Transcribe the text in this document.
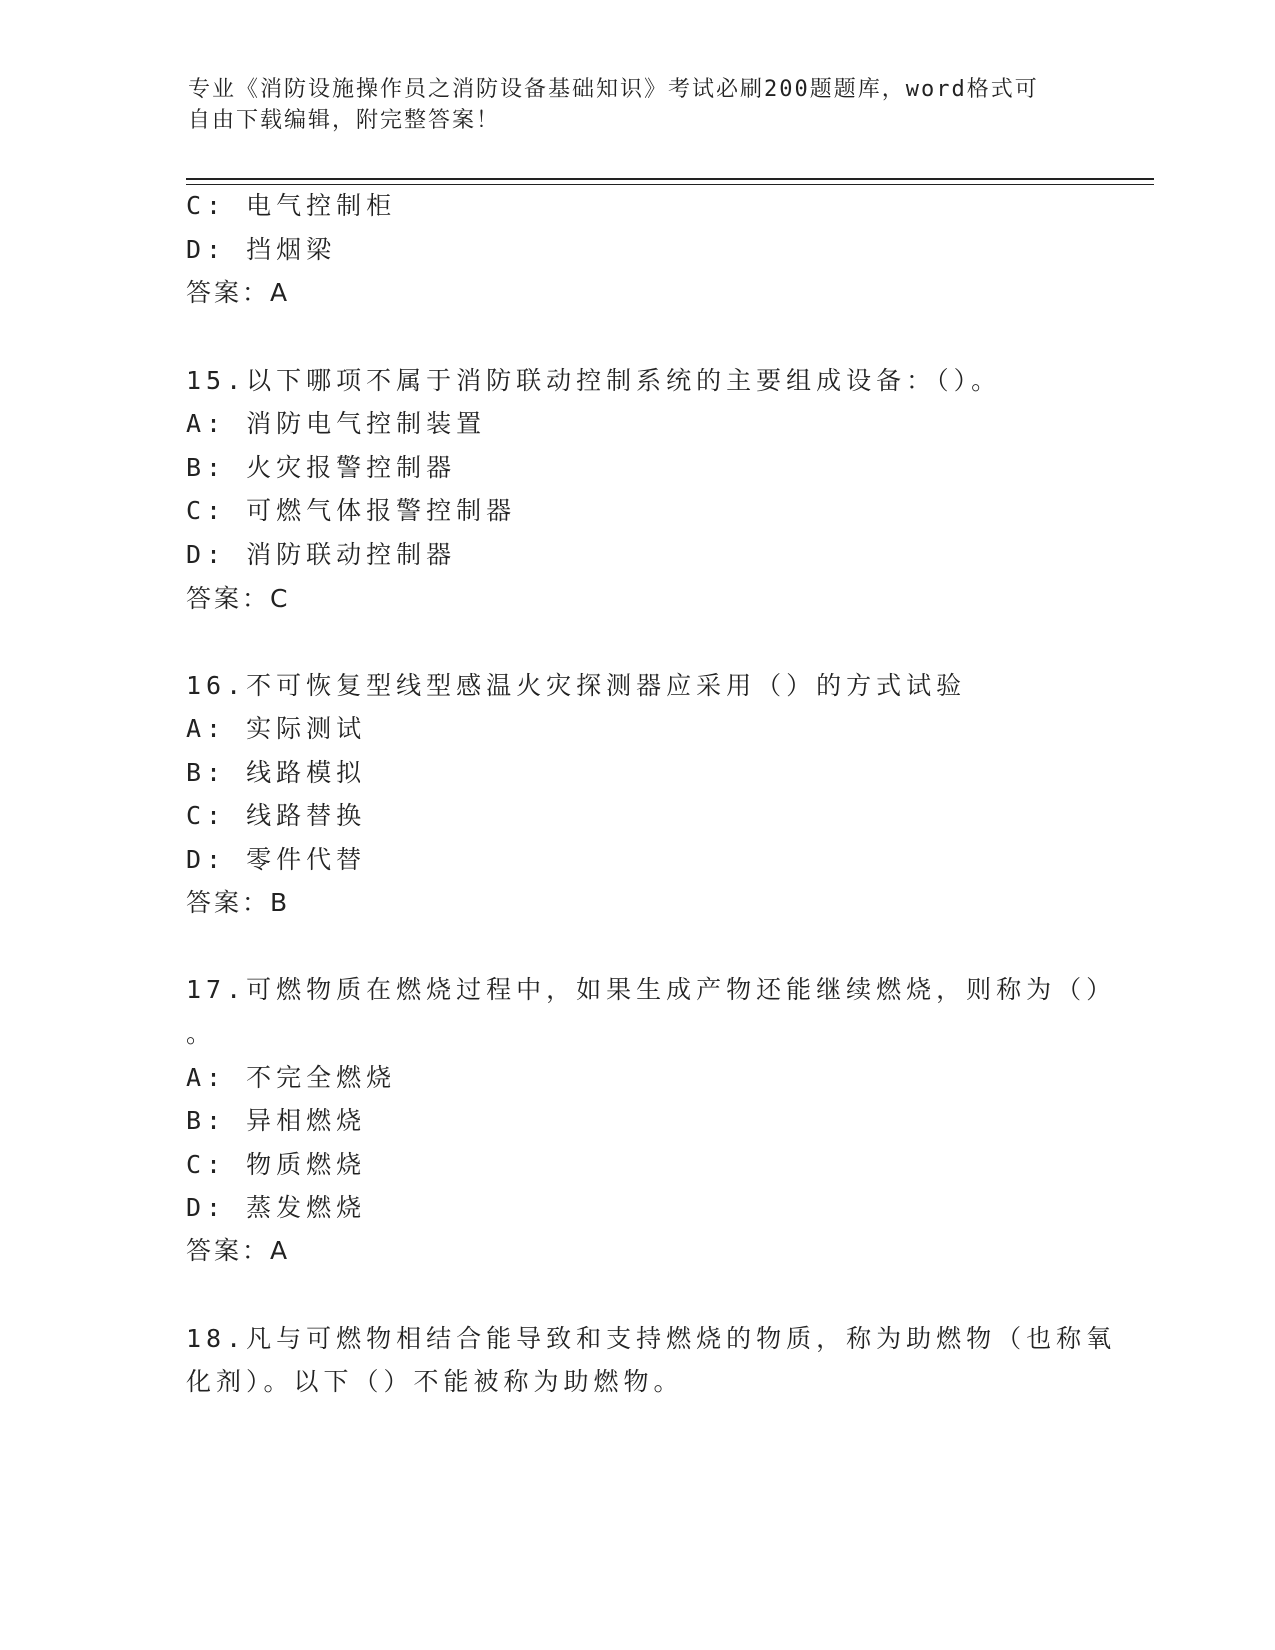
专业《消防设施操作员之消防设备基础知识》考试必刷200题题库，word格式可
自由下载编辑，附完整答案！
C: 电气控制柜
D: 挡烟梁
答案：A
15.以下哪项不属于消防联动控制系统的主要组成设备：（）。
A: 消防电气控制装置
B: 火灾报警控制器
C: 可燃气体报警控制器
D: 消防联动控制器
答案：C
16.不可恢复型线型感温火灾探测器应采用（）的方式试验
A: 实际测试
B: 线路模拟
C: 线路替换
D: 零件代替
答案：B
17.可燃物质在燃烧过程中，如果生成产物还能继续燃烧，则称为（）
。
A: 不完全燃烧
B: 异相燃烧
C: 物质燃烧
D: 蒸发燃烧
答案：A
18.凡与可燃物相结合能导致和支持燃烧的物质，称为助燃物（也称氧
化剂）。以下（）不能被称为助燃物。
